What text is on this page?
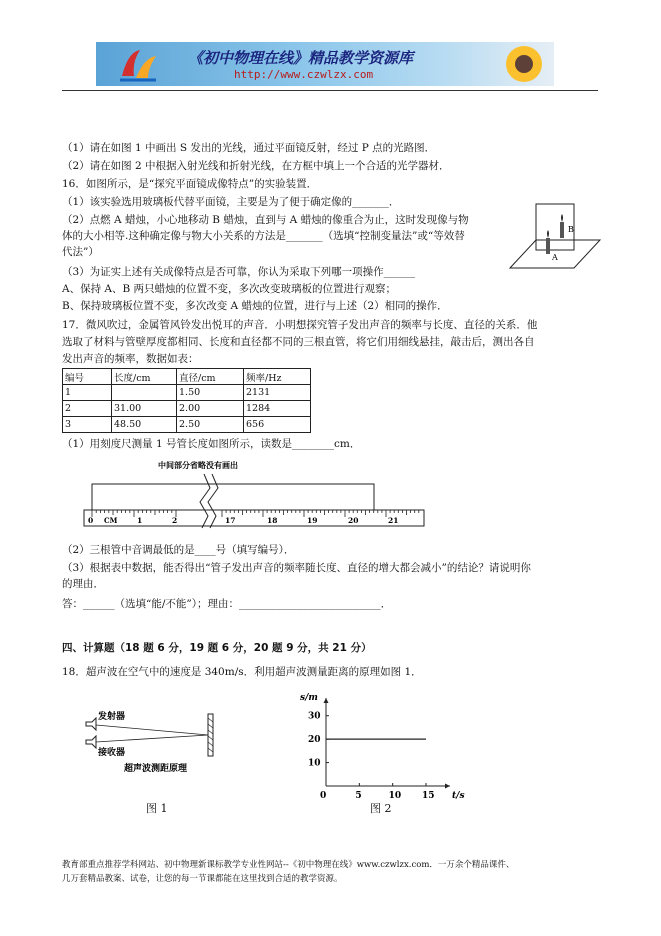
《初中物理在线》精品教学资源库
http://www.czwlzx.com
（1）请在如图 1 中画出 S 发出的光线，通过平面镜反射，经过 P 点的光路图．
（2）请在如图 2 中根据入射光线和折射光线，在方框中填上一个合适的光学器材．
16．如图所示，是“探究平面镜成像特点”的实验装置．
（1）该实验选用玻璃板代替平面镜，主要是为了便于确定像的_______．
（2）点燃 A 蜡烛，小心地移动 B 蜡烛，直到与 A 蜡烛的像重合为止，这时发现像与物
体的大小相等.这种确定像与物大小关系的方法是_______（选填“控制变量法”或“等效替
代法”）
（3）为证实上述有关成像特点是否可靠，你认为采取下列哪一项操作______
A、保持 A、B 两只蜡烛的位置不变，多次改变玻璃板的位置进行观察；
B、保持玻璃板位置不变，多次改变 A 蜡烛的位置，进行与上述（2）相同的操作．
17．微风吹过，金属管风铃发出悦耳的声音．小明想探究管子发出声音的频率与长度、直径的关系．他
选取了材料与管壁厚度都相同、长度和直径都不同的三根直管，将它们用细线悬挂，敲击后，测出各自
发出声音的频率，数据如表：
A
B
编号	长度/cm	直径/cm	频率/Hz
1		1.50	2131
2	31.00	2.00	1284
3	48.50	2.50	656
（1）用刻度尺测量 1 号管长度如图所示，读数是________cm．
中间部分省略没有画出
0 CM	1	2	17	18	19	20	21
（2）三根管中音调最低的是____号（填写编号）．
（3）根据表中数据，能否得出“管子发出声音的频率随长度、直径的增大都会减小”的结论？请说明你
的理由．
答：______（选填“能/不能”）；理由：___________________________．
四、计算题（18 题 6 分，19 题 6 分，20 题 9 分，共 21 分）
18．超声波在空气中的速度是 340m/s．利用超声波测量距离的原理如图 1．
发射器
接收器
超声波测距原理
图 1
10
20
30
0	5	10 15
s/m
t/s
图 2
教育部重点推荐学科网站、初中物理新课标教学专业性网站--《初中物理在线》www.czwlzx.com．一万余个精品课件、
几万套精品教案、试卷，让您的每一节课都能在这里找到合适的教学资源。
